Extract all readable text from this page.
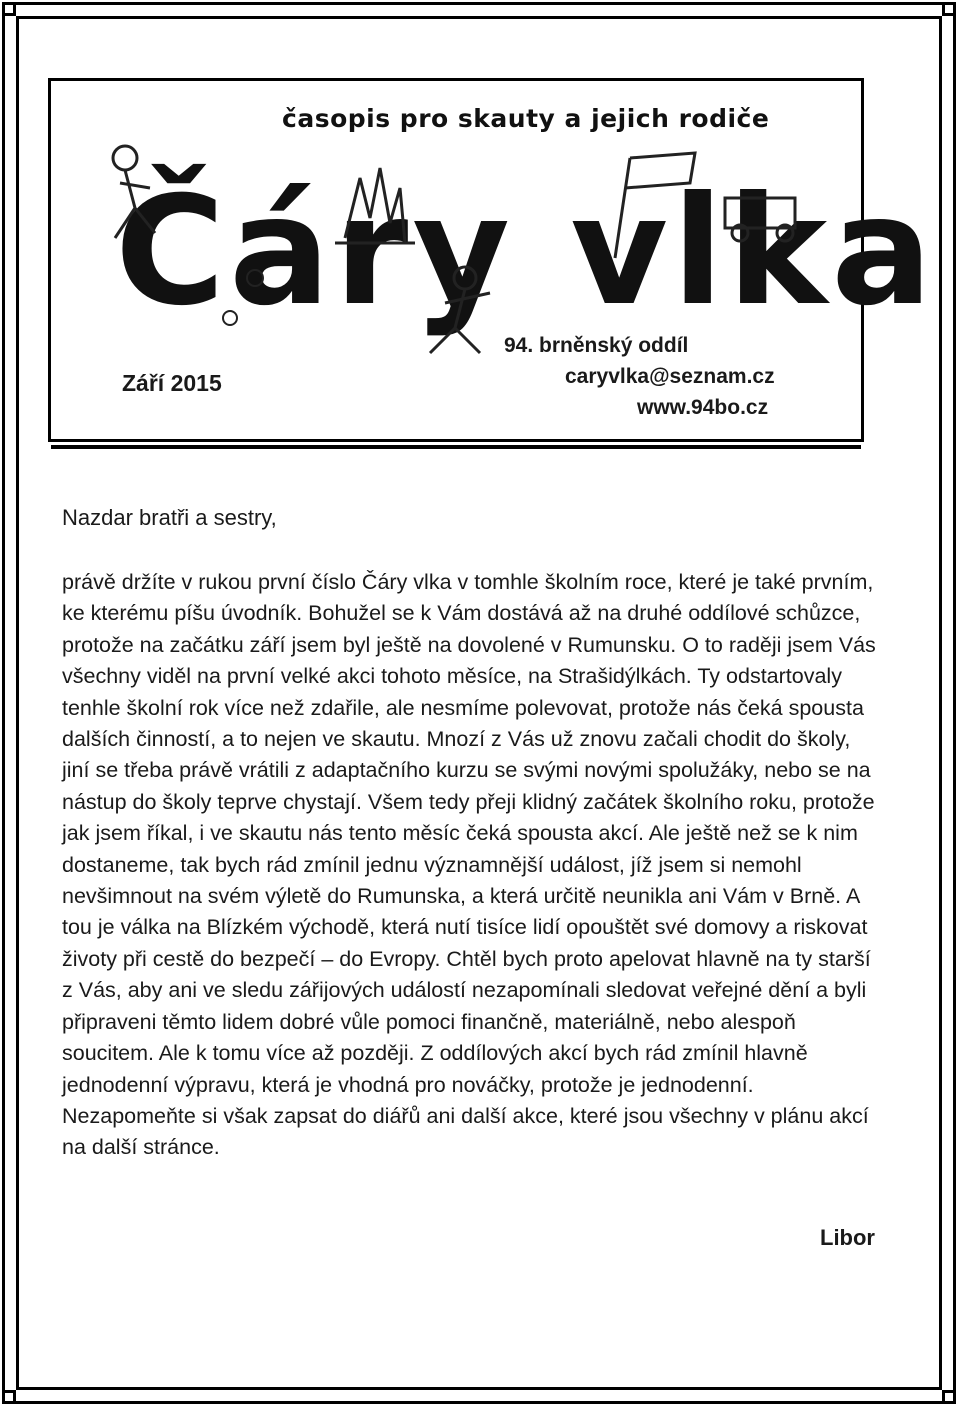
časopis pro skauty a jejich rodiče
Čáry vlka
Září 2015
94. brněnský oddíl
caryvlka@seznam.cz
www.94bo.cz
Nazdar bratři a sestry,
právě držíte v rukou první číslo Čáry vlka v tomhle školním roce, které je také prvním, ke kterému píšu úvodník. Bohužel se k Vám dostává až na druhé oddílové schůzce, protože na začátku září jsem byl ještě na dovolené v Rumunsku. O to raději jsem Vás všechny viděl na první velké akci tohoto měsíce, na Strašidýlkách. Ty odstartovaly tenhle školní rok více než zdařile, ale nesmíme polevovat, protože nás čeká spousta dalších činností, a to nejen ve skautu. Mnozí z Vás už znovu začali chodit do školy, jiní se třeba právě vrátili z adaptačního kurzu se svými novými spolužáky, nebo se na nástup do školy teprve chystají. Všem tedy přeji klidný začátek školního roku, protože jak jsem říkal, i ve skautu nás tento měsíc čeká spousta akcí. Ale ještě než se k nim dostaneme, tak bych rád zmínil jednu významnější událost, jíž jsem si nemohl nevšimnout na svém výletě do Rumunska, a která určitě neunikla ani Vám v Brně. A tou je válka na Blízkém východě, která nutí tisíce lidí opouštět své domovy a riskovat životy při cestě do bezpečí – do Evropy. Chtěl bych proto apelovat hlavně na ty starší z Vás, aby ani ve sledu zářijových událostí nezapomínali sledovat veřejné dění a byli připraveni těmto lidem dobré vůle pomoci finančně, materiálně, nebo alespoň soucitem. Ale k tomu více až později. Z oddílových akcí bych rád zmínil hlavně jednodenní výpravu, která je vhodná pro nováčky, protože je jednodenní. Nezapomeňte si však zapsat do diářů ani další akce, které jsou všechny v plánu akcí na další stránce.
Libor
